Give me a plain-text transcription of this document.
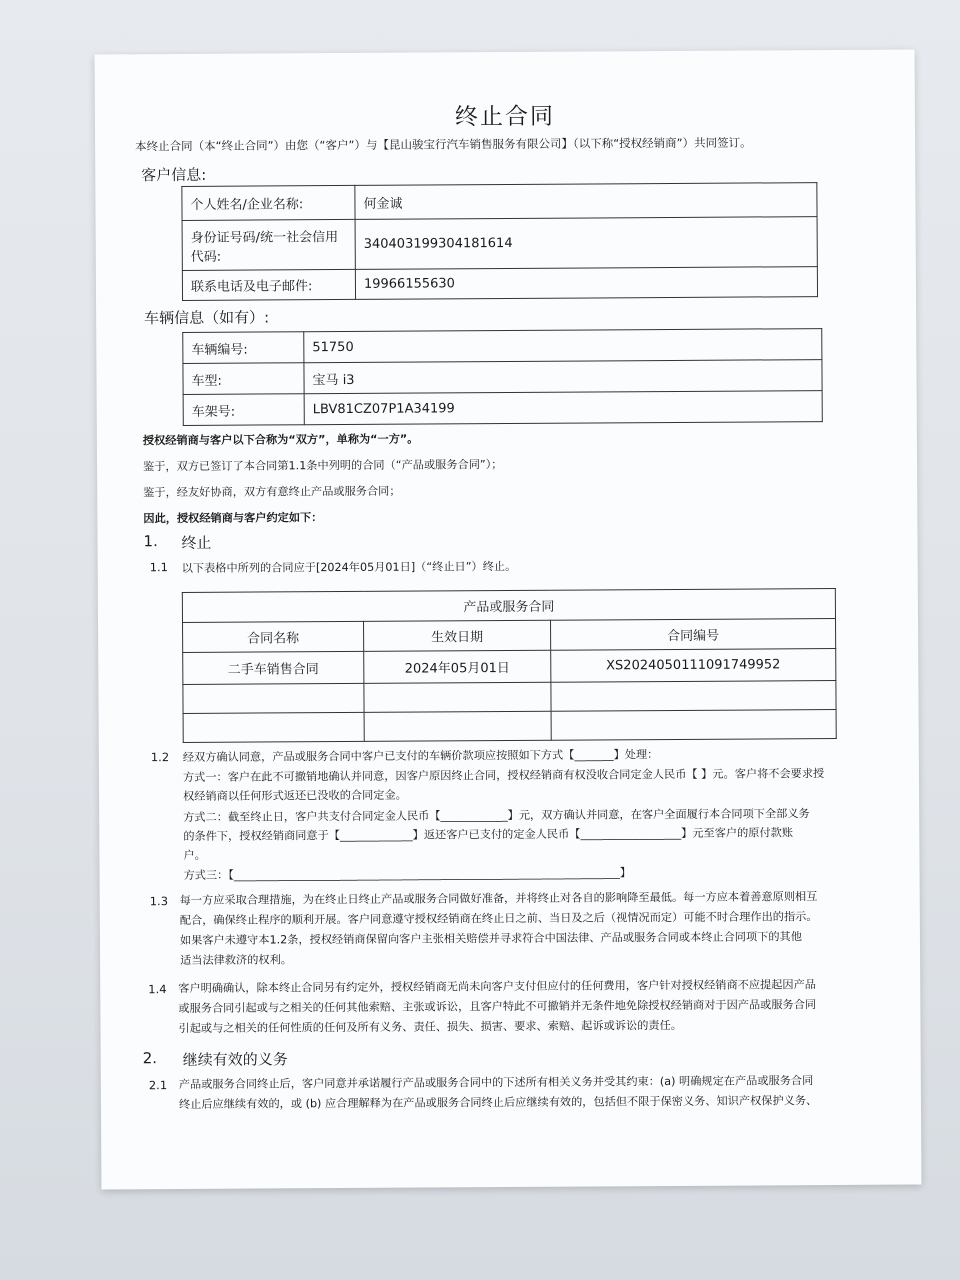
终止合同
本终止合同（本“终止合同”）由您（“客户”）与【昆山骏宝行汽车销售服务有限公司】（以下称“授权经销商”）共同签订。
客户信息:
个人姓名/企业名称:	何金诚
身份证号码/统一社会信用代码:	340403199304181614
联系电话及电子邮件:	19966155630
车辆信息（如有）:
车辆编号:	51750
车型:	宝马 i3
车架号:	LBV81CZ07P1A34199
授权经销商与客户以下合称为“双方”，单称为“一方”。
鉴于，双方已签订了本合同第1.1条中列明的合同（“产品或服务合同”）；
鉴于，经友好协商，双方有意终止产品或服务合同；
因此，授权经销商与客户约定如下：
1. 终止
1.1 以下表格中所列的合同应于[2024年05月01日]（“终止日”）终止。
产品或服务合同		
合同名称	生效日期	合同编号
二手车销售合同	2024年05月01日	XS2024050111091749952

1.2 经双方确认同意，产品或服务合同中客户已支付的车辆价款项应按照如下方式【_______】处理：
方式一：客户在此不可撤销地确认并同意，因客户原因终止合同，授权经销商有权没收合同定金人民币【 】元。客户将不会要求授
权经销商以任何形式返还已没收的合同定金。
方式二：截至终止日，客户共支付合同定金人民币【____________】元，双方确认并同意，在客户全面履行本合同项下全部义务
的条件下，授权经销商同意于【_____________】返还客户已支付的定金人民币【__________________】元至客户的原付款账
户。
方式三：【_____________________________________________________________________】
1.3 每一方应采取合理措施，为在终止日终止产品或服务合同做好准备，并将终止对各自的影响降至最低。每一方应本着善意原则相互
配合，确保终止程序的顺利开展。客户同意遵守授权经销商在终止日之前、当日及之后（视情况而定）可能不时合理作出的指示。
如果客户未遵守本1.2条，授权经销商保留向客户主张相关赔偿并寻求符合中国法律、产品或服务合同或本终止合同项下的其他
适当法律救济的权利。
1.4 客户明确确认，除本终止合同另有约定外，授权经销商无尚未向客户支付但应付的任何费用，客户针对授权经销商不应提起因产品
或服务合同引起或与之相关的任何其他索赔、主张或诉讼，且客户特此不可撤销并无条件地免除授权经销商对于因产品或服务合同
引起或与之相关的任何性质的任何及所有义务、责任、损失、损害、要求、索赔、起诉或诉讼的责任。
2. 继续有效的义务
2.1 产品或服务合同终止后，客户同意并承诺履行产品或服务合同中的下述所有相关义务并受其约束：(a) 明确规定在产品或服务合同
终止后应继续有效的，或 (b) 应合理解释为在产品或服务合同终止后应继续有效的，包括但不限于保密义务、知识产权保护义务、
